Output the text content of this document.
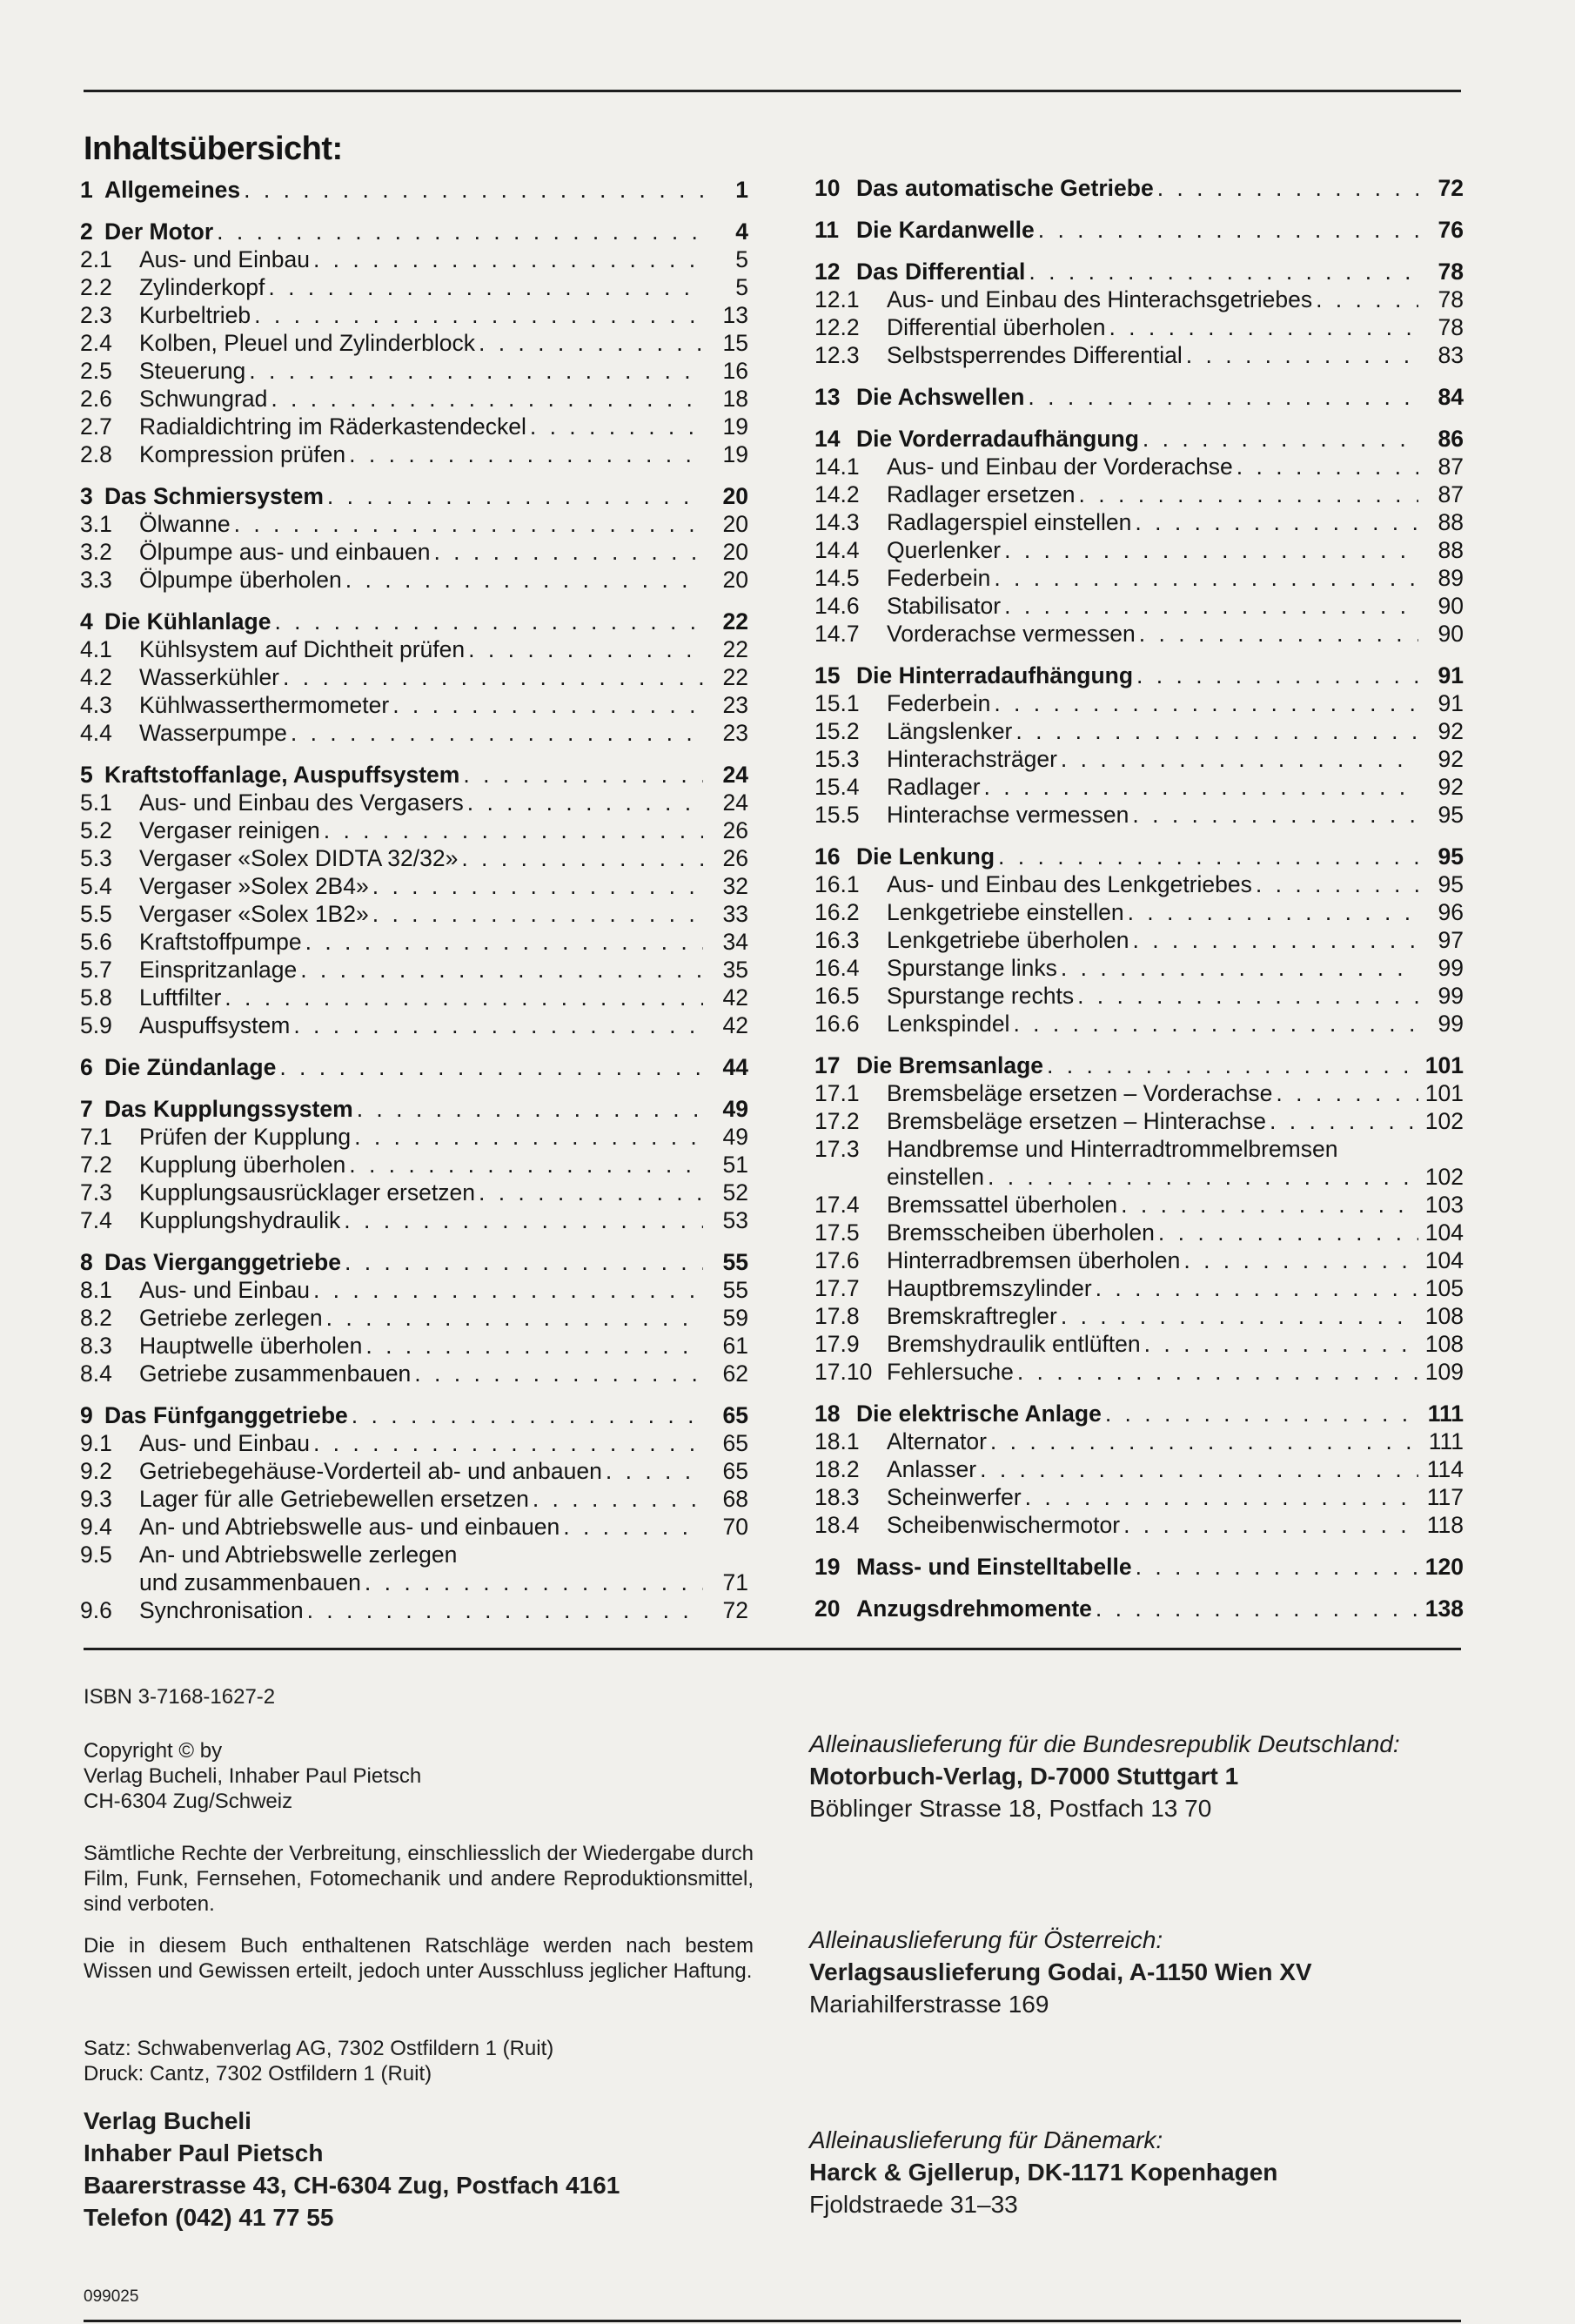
Inhaltsübersicht:
1 Allgemeines . . .	1
2 Der Motor . . .	4
2.1 Aus- und Einbau . . .	5
2.2 Zylinderkopf . . .	5
2.3 Kurbeltrieb . . .	13
2.4 Kolben, Pleuel und Zylinderblock . . .	15
2.5 Steuerung . . .	16
2.6 Schwungrad . . .	18
2.7 Radialdichtring im Räderkastendeckel . . .	19
2.8 Kompression prüfen . . .	19
3 Das Schmiersystem . . .	20
3.1 Ölwanne . . .	20
3.2 Ölpumpe aus- und einbauen . . .	20
3.3 Ölpumpe überholen . . .	20
4 Die Kühlanlage . . .	22
4.1 Kühlsystem auf Dichtheit prüfen . . .	22
4.2 Wasserkühler . . .	22
4.3 Kühlwasserthermometer . . .	23
4.4 Wasserpumpe . . .	23
5 Kraftstoffanlage, Auspuffsystem . . .	24
5.1 Aus- und Einbau des Vergasers . . .	24
5.2 Vergaser reinigen . . .	26
5.3 Vergaser «Solex DIDTA 32/32» . . .	26
5.4 Vergaser »Solex 2B4» . . .	32
5.5 Vergaser «Solex 1B2» . . .	33
5.6 Kraftstoffpumpe . . .	34
5.7 Einspritzanlage . . .	35
5.8 Luftfilter . . .	42
5.9 Auspuffsystem . . .	42
6 Die Zündanlage . . .	44
7 Das Kupplungssystem . . .	49
7.1 Prüfen der Kupplung . . .	49
7.2 Kupplung überholen . . .	51
7.3 Kupplungsausrücklager ersetzen . . .	52
7.4 Kupplungshydraulik . . .	53
8 Das Vierganggetriebe . . .	55
8.1 Aus- und Einbau . . .	55
8.2 Getriebe zerlegen . . .	59
8.3 Hauptwelle überholen . . .	61
8.4 Getriebe zusammenbauen . . .	62
9 Das Fünfganggetriebe . . .	65
9.1 Aus- und Einbau . . .	65
9.2 Getriebegehäuse-Vorderteil ab- und anbauen . . .	65
9.3 Lager für alle Getriebewellen ersetzen . . .	68
9.4 An- und Abtriebswelle aus- und einbauen . . .	70
9.5 An- und Abtriebswelle zerlegen
und zusammenbauen . . .	71
9.6 Synchronisation . . .	72
10 Das automatische Getriebe . . .	72
11 Die Kardanwelle . . .	76
12 Das Differential . . .	78
12.1 Aus- und Einbau des Hinterachsgetriebes . . .	78
12.2 Differential überholen . . .	78
12.3 Selbstsperrendes Differential . . .	83
13 Die Achswellen . . .	84
14 Die Vorderradaufhängung . . .	86
14.1 Aus- und Einbau der Vorderachse . . .	87
14.2 Radlager ersetzen . . .	87
14.3 Radlagerspiel einstellen . . .	88
14.4 Querlenker . . .	88
14.5 Federbein . . .	89
14.6 Stabilisator . . .	90
14.7 Vorderachse vermessen . . .	90
15 Die Hinterradaufhängung . . .	91
15.1 Federbein . . .	91
15.2 Längslenker . . .	92
15.3 Hinterachsträger . . .	92
15.4 Radlager . . .	92
15.5 Hinterachse vermessen . . .	95
16 Die Lenkung . . .	95
16.1 Aus- und Einbau des Lenkgetriebes . . .	95
16.2 Lenkgetriebe einstellen . . .	96
16.3 Lenkgetriebe überholen . . .	97
16.4 Spurstange links . . .	99
16.5 Spurstange rechts . . .	99
16.6 Lenkspindel . . .	99
17 Die Bremsanlage . . .	101
17.1 Bremsbeläge ersetzen – Vorderachse . . .	101
17.2 Bremsbeläge ersetzen – Hinterachse . . .	102
17.3 Handbremse und Hinterradtrommelbremsen
einstellen . . .	102
17.4 Bremssattel überholen . . .	103
17.5 Bremsscheiben überholen . . .	104
17.6 Hinterradbremsen überholen . . .	104
17.7 Hauptbremszylinder . . .	105
17.8 Bremskraftregler . . .	108
17.9 Bremshydraulik entlüften . . .	108
17.10 Fehlersuche . . .	109
18 Die elektrische Anlage . . .	111
18.1 Alternator . . .	111
18.2 Anlasser . . .	114
18.3 Scheinwerfer . . .	117
18.4 Scheibenwischermotor . . .	118
19 Mass- und Einstelltabelle . . .	120
20 Anzugsdrehmomente . . .	138

ISBN 3-7168-1627-2

Copyright © by

Verlag Bucheli, Inhaber Paul Pietsch

CH-6304 Zug/Schweiz

Sämtliche Rechte der Verbreitung, einschliesslich der Wiedergabe durch Film, Funk, Fernsehen, Fotomechanik und andere Reproduktionsmittel, sind verboten.

Die in diesem Buch enthaltenen Ratschläge werden nach bestem Wissen und Gewissen erteilt, jedoch unter Ausschluss jeglicher Haftung.

Satz: Schwabenverlag AG, 7302 Ostfildern 1 (Ruit)

Druck: Cantz, 7302 Ostfildern 1 (Ruit)

Verlag Bucheli

Inhaber Paul Pietsch

Baarerstrasse 43, CH-6304 Zug, Postfach 4161

Telefon (042) 41 77 55

Alleinauslieferung für die Bundesrepublik Deutschland:

Motorbuch-Verlag, D-7000 Stuttgart 1

Böblinger Strasse 18, Postfach 13 70

Alleinauslieferung für Österreich:

Verlagsauslieferung Godai, A-1150 Wien XV

Mariahilferstrasse 169

Alleinauslieferung für Dänemark:

Harck & Gjellerup, DK-1171 Kopenhagen

Fjoldstraede 31–33

099025
